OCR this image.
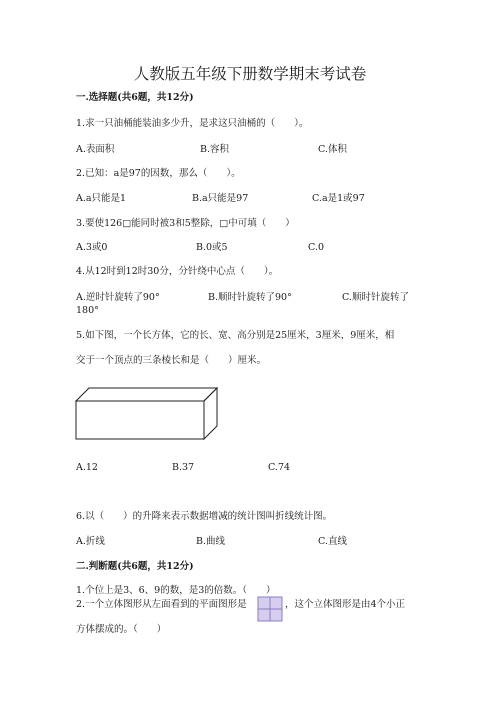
人教版五年级下册数学期末考试卷
一.选择题(共6题，共12分)
1.求一只油桶能装油多少升，是求这只油桶的（　　）。
A.表面积	B.容积	C.体积
2.已知：a是97的因数，那么（　　）。
A.a只能是1	B.a只能是97	C.a是1或97
3.要使126□能同时被3和5整除，□中可填（　　）
A.3或0	B.0或5	C.0
4.从12时到12时30分，分针绕中心点（　　）。
A.逆时针旋转了90°	B.顺时针旋转了90°	C.顺时针旋转了
180°
5.如下图，一个长方体，它的长、宽、高分别是25厘米，3厘米，9厘米，相
交于一个顶点的三条棱长和是（　　）厘米。
A.12	B.37	C.74
6.以（　　）的升降来表示数据增减的统计图叫折线统计图。
A.折线	B.曲线	C.直线
二.判断题(共6题，共12分)
1.个位上是3、6、9的数，是3的倍数。（　　）
2.一个立体图形从左面看到的平面图形是	，这个立体图形是由4个小正
方体摆成的。（　　）
